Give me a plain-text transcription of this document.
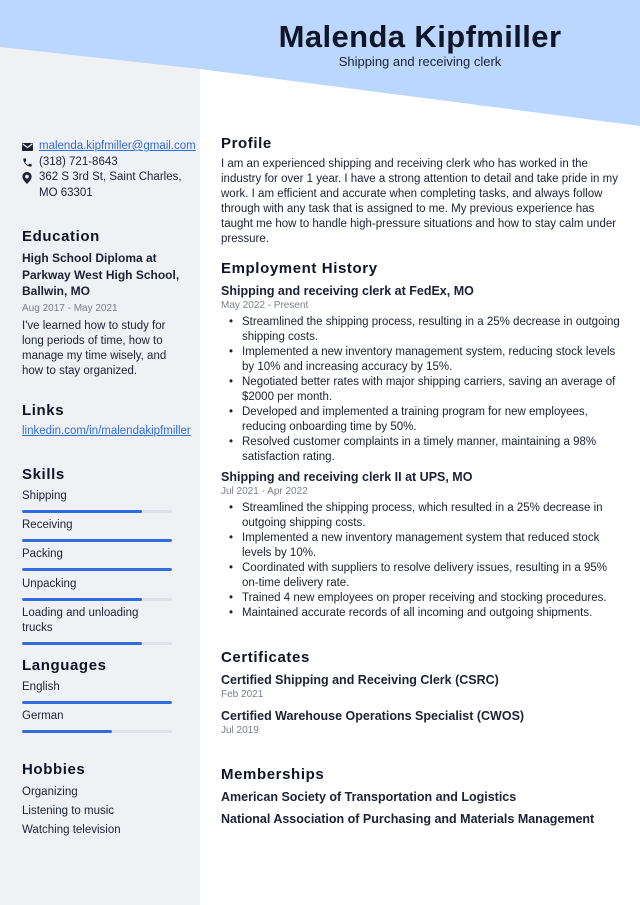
Malenda Kipfmiller
Shipping and receiving clerk
malenda.kipfmiller@gmail.com
(318) 721-8643
362 S 3rd St, Saint Charles,
MO 63301
Education
High School Diploma at Parkway West High School, Ballwin, MO
Aug 2017 - May 2021
I've learned how to study for long periods of time, how to manage my time wisely, and how to stay organized.
Links
linkedin.com/in/malendakipfmiller
Skills
Shipping
Receiving
Packing
Unpacking
Loading and unloading trucks
Languages
English
German
Hobbies
Organizing
Listening to music
Watching television
Profile
I am an experienced shipping and receiving clerk who has worked in the industry for over 1 year. I have a strong attention to detail and take pride in my work. I am efficient and accurate when completing tasks, and always follow through with any task that is assigned to me. My previous experience has taught me how to handle high-pressure situations and how to stay calm under pressure.
Employment History
Shipping and receiving clerk at FedEx, MO
May 2022 - Present
• Streamlined the shipping process, resulting in a 25% decrease in outgoing shipping costs.
• Implemented a new inventory management system, reducing stock levels by 10% and increasing accuracy by 15%.
• Negotiated better rates with major shipping carriers, saving an average of $2000 per month.
• Developed and implemented a training program for new employees, reducing onboarding time by 50%.
• Resolved customer complaints in a timely manner, maintaining a 98% satisfaction rating.
Shipping and receiving clerk II at UPS, MO
Jul 2021 - Apr 2022
• Streamlined the shipping process, which resulted in a 25% decrease in outgoing shipping costs.
• Implemented a new inventory management system that reduced stock levels by 10%.
• Coordinated with suppliers to resolve delivery issues, resulting in a 95% on-time delivery rate.
• Trained 4 new employees on proper receiving and stocking procedures.
• Maintained accurate records of all incoming and outgoing shipments.
Certificates
Certified Shipping and Receiving Clerk (CSRC)
Feb 2021
Certified Warehouse Operations Specialist (CWOS)
Jul 2019
Memberships
American Society of Transportation and Logistics
National Association of Purchasing and Materials Management
